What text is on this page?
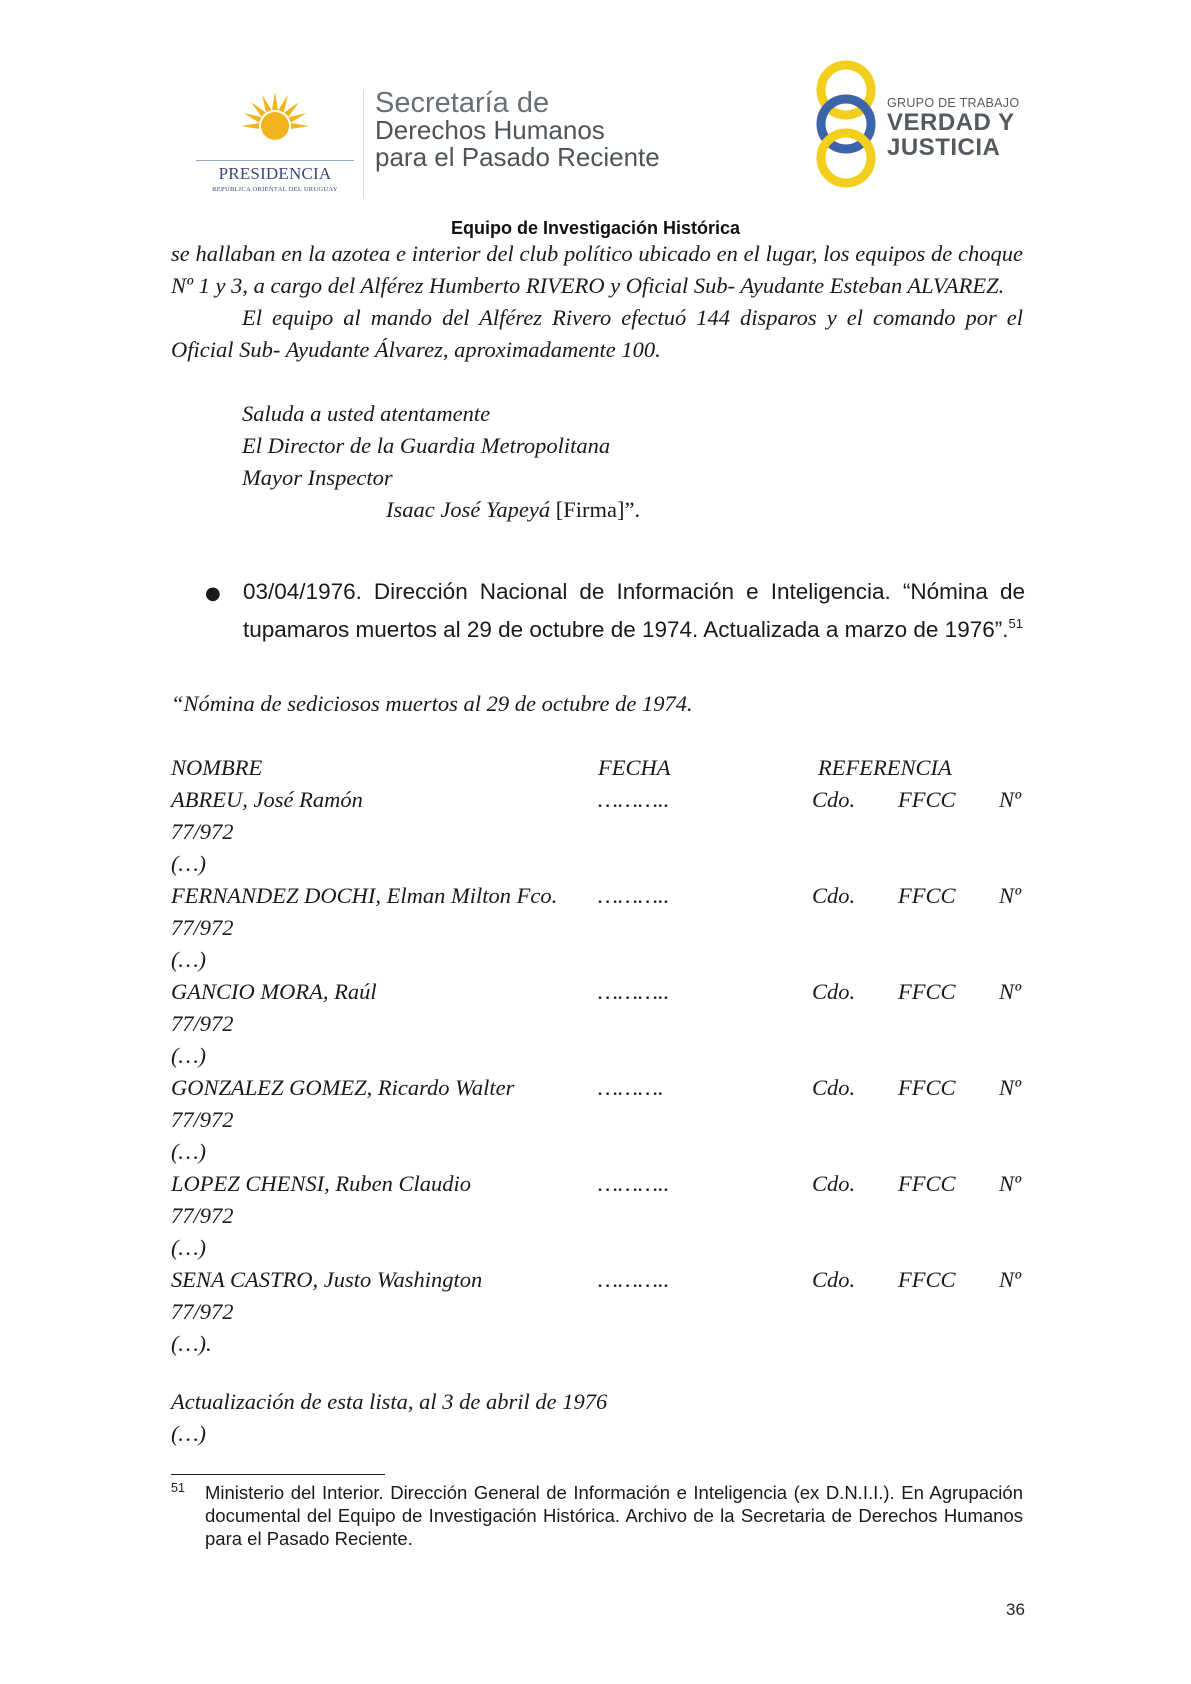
PRESIDENCIA
REPÚBLICA ORIENTAL DEL URUGUAY
Secretaría de
Derechos Humanos
para el Pasado Reciente
GRUPO DE TRABAJO
VERDAD Y
JUSTICIA
Equipo de Investigación Histórica

se hallaban en la azotea e interior del club político ubicado en el lugar, los equipos de choque Nº 1 y 3, a cargo del Alférez Humberto RIVERO y Oficial Sub- Ayudante Esteban ALVAREZ.

El equipo al mando del Alférez Rivero efectuó 144 disparos y el comando por el Oficial Sub- Ayudante Álvarez, aproximadamente 100.

Saluda a usted atentamente

El Director de la Guardia Metropolitana

Mayor Inspector

Isaac José Yapeyá [Firma]”.

● 03/04/1976. Dirección Nacional de Información e Inteligencia. “Nómina de tupamaros muertos al 29 de octubre de 1974. Actualizada a marzo de 1976”.$^{51}$

“Nómina de sediciosos muertos al 29 de octubre de 1974.

NOMBRE	FECHA	REFERENCIA
ABREU, José Ramón	………..	Cdo. FFCC Nº
77/972
(…)
FERNANDEZ DOCHI, Elman Milton Fco. ………..	Cdo. FFCC Nº
77/972
(…)
GANCIO MORA, Raúl	………..	Cdo. FFCC Nº
77/972
(…)
GONZALEZ GOMEZ, Ricardo Walter	……….	Cdo. FFCC Nº
77/972
(…)
LOPEZ CHENSI, Ruben Claudio	………..	Cdo. FFCC Nº
77/972
(…)
SENA CASTRO, Justo Washington	………..	Cdo. FFCC Nº
77/972
(…).

Actualización de esta lista, al 3 de abril de 1976

(…)

51 Ministerio del Interior. Dirección General de Información e Inteligencia (ex D.N.I.I.). En Agrupación documental del Equipo de Investigación Histórica. Archivo de la Secretaria de Derechos Humanos para el Pasado Reciente.

36
